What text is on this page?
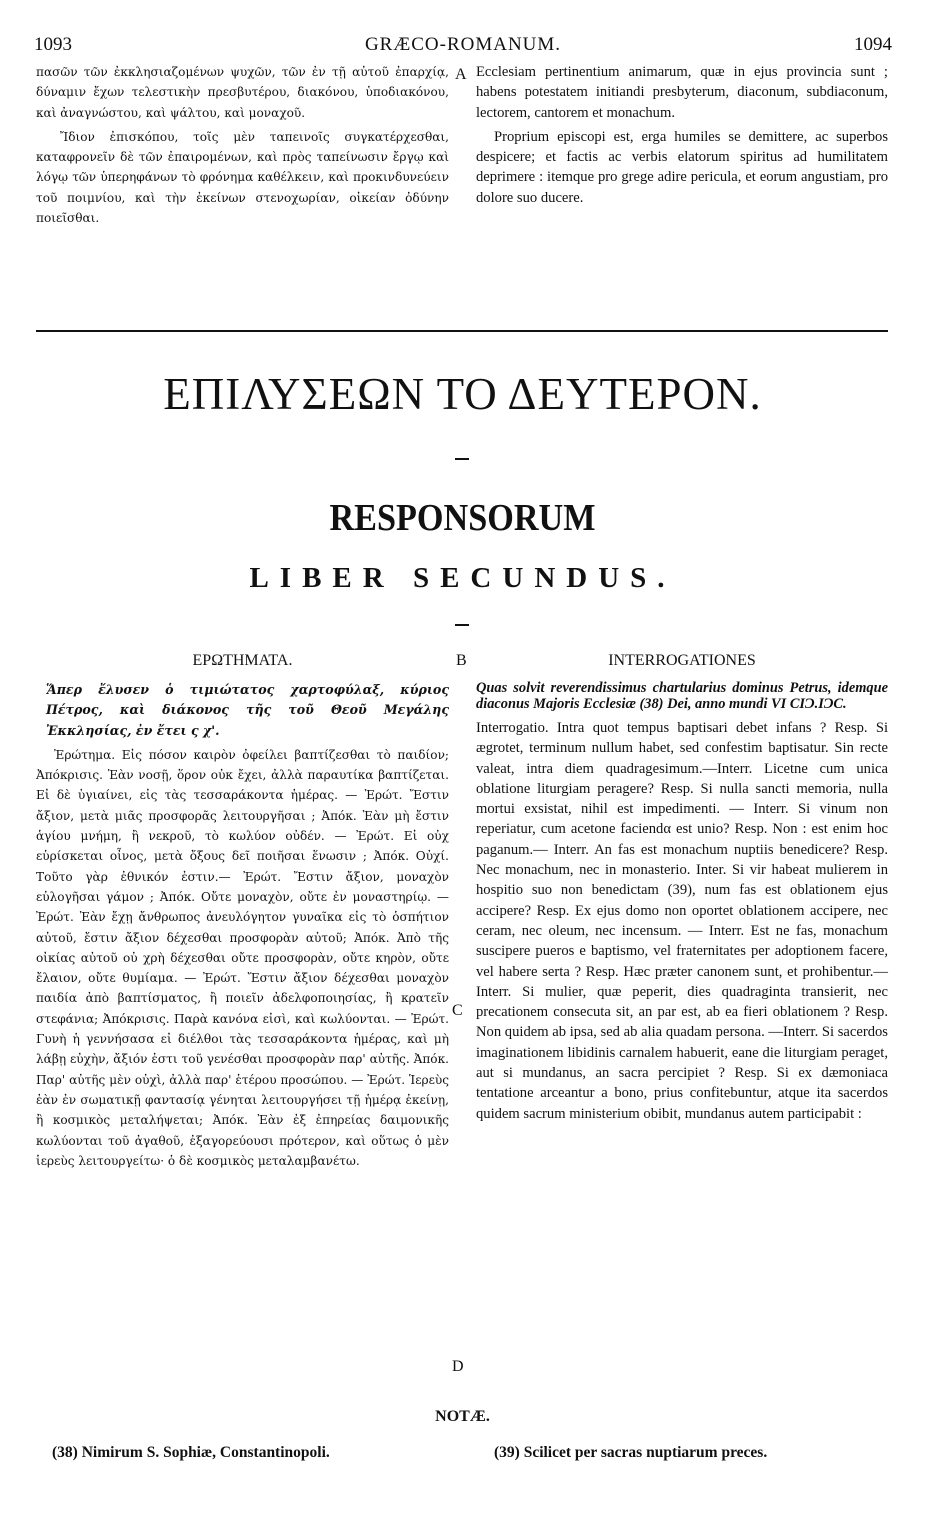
1093	GRÆCO-ROMANUM.	1094

πασῶν τῶν ἐκκλησιαζομένων ψυχῶν, τῶν ἐν τῇ αὐτοῦ ἐπαρχίᾳ, δύναμιν ἔχων τελεστικὴν πρεσβυτέρου, διακόνου, ὑποδιακόνου, καὶ ἀναγνώστου, καὶ ψάλτου, καὶ μοναχοῦ.

Ἴδιον ἐπισκόπου, τοῖς μὲν ταπεινοῖς συγκατέρχεσθαι, καταφρονεῖν δὲ τῶν ἐπαιρομένων, καὶ πρὸς ταπείνωσιν ἔργῳ καὶ λόγῳ τῶν ὑπερηφάνων τὸ φρόνημα καθέλκειν, καὶ προκινδυνεύειν τοῦ ποιμνίου, καὶ τὴν ἐκείνων στενοχωρίαν, οἰκείαν ὀδύνην ποιεῖσθαι.

A Ecclesiam pertinentium animarum, quæ in ejus provincia sunt ; habens potestatem initiandi presbyterum, diaconum, subdiaconum, lectorem, cantorem et monachum.

Proprium episcopi est, erga humiles se demittere, ac superbos despicere; et factis ac verbis elatorum spiritus ad humilitatem deprimere : itemque pro grege adire pericula, et eorum angustiam, pro dolore suo ducere.

ΕΠΙΛΥΣΕΩΝ ΤΟ ΔΕΥΤΕΡΟΝ.
RESPONSORUM
LIBER SECUNDUS.
ΕΡΩΤΗΜΑΤΑ.	B	INTERROGATIONES

Ἅπερ ἔλυσεν ὁ τιμιώτατος χαρτοφύλαξ, κύριος Πέτρος, καὶ διάκονος τῆς τοῦ Θεοῦ Μεγάλης Ἐκκλησίας, ἐν ἔτει ς χ'.

Ἐρώτημα. Εἰς πόσον καιρὸν ὀφείλει βαπτίζεσθαι τὸ παιδίον; Ἀπόκρισις. Ἐὰν νοσῇ, ὅρον οὐκ ἔχει, ἀλλὰ παραυτίκα βαπτίζεται. Εἰ δὲ ὑγιαίνει, εἰς τὰς τεσσαράκοντα ἡμέρας. — Ἐρώτ. Ἔστιν ἄξιον, μετὰ μιᾶς προσφορᾶς λειτουργῆσαι ; Ἀπόκ. Ἐὰν μὴ ἔστιν ἁγίου μνήμη, ἢ νεκροῦ, τὸ κωλύον οὐδέν. — Ἐρώτ. Εἰ οὐχ εὑρίσκεται οἶνος, μετὰ ὄξους δεῖ ποιῆσαι ἕνωσιν ; Ἀπόκ. Οὐχί. Τοῦτο γὰρ ἐθνικόν ἐστιν.— Ἐρώτ. Ἔστιν ἄξιον, μοναχὸν εὐλογῆσαι γάμον ; Ἀπόκ. Οὔτε μοναχὸν, οὔτε ἐν μοναστηρίῳ. — Ἐρώτ. Ἐὰν ἔχῃ ἄνθρωπος ἀνευλόγητον γυναῖκα εἰς τὸ ὁσπήτιον αὐτοῦ, ἔστιν ἄξιον δέχεσθαι προσφορὰν αὐτοῦ; Ἀπόκ. Ἀπὸ τῆς οἰκίας αὐτοῦ οὐ χρὴ δέχεσθαι οὔτε προσφορὰν, οὔτε κηρὸν, οὔτε ἔλαιον, οὔτε θυμίαμα. — Ἐρώτ. Ἔστιν ἄξιον δέχεσθαι μοναχὸν παιδία ἀπὸ βαπτίσματος, ἢ ποιεῖν ἀδελφοποιησίας, ἢ κρατεῖν στεφάνια; Ἀπόκρισις. Παρὰ κανόνα εἰσὶ, καὶ κωλύονται. — Ἐρώτ. Γυνὴ ἡ γεννήσασα εἰ διέλθοι τὰς τεσσαράκοντα ἡμέρας, καὶ μὴ λάβῃ εὐχὴν, ἄξιόν ἐστι τοῦ γενέσθαι προσφορὰν παρ' αὐτῆς. Ἀπόκ. Παρ' αὐτῆς μὲν οὐχὶ, ἀλλὰ παρ' ἑτέρου προσώπου. — Ἐρώτ. Ἱερεὺς ἐὰν ἐν σωματικῇ φαντασίᾳ γένηται λειτουργήσει τῇ ἡμέρᾳ ἐκείνῃ, ἢ κοσμικὸς μεταλήψεται; Ἀπόκ. Ἐὰν ἐξ ἐπηρείας δαιμονικῆς κωλύονται τοῦ ἀγαθοῦ, ἐξαγορεύουσι πρότερον, καὶ οὕτως ὁ μὲν ἱερεὺς λειτουργείτω· ὁ δὲ κοσμικὸς μεταλαμβανέτω.

C
D

Quas solvit reverendissimus chartularius dominus Petrus, idemque diaconus Majoris Ecclesiæ (38) Dei, anno mundi VI CIƆ.IƆC.

Interrogatio. Intra quot tempus baptisari debet infans ? Resp. Si ægrotet, terminum nullum habet, sed confestim baptisatur. Sin recte valeat, intra diem quadragesimum.—Interr. Licetne cum unica oblatione liturgiam peragere? Resp. Si nulla sancti memoria, nulla mortui exsistat, nihil est impedimenti. — Interr. Si vinum non reperiatur, cum acetone faciendα est unio? Resp. Non : est enim hoc paganum.— Interr. An fas est monachum nuptiis benedicere? Resp. Nec monachum, nec in monasterio. Inter. Si vir habeat mulierem in hospitio suo non benedictam (39), num fas est oblationem ejus accipere? Resp. Ex ejus domo non oportet oblationem accipere, nec ceram, nec oleum, nec incensum. — Interr. Est ne fas, monachum suscipere pueros e baptismo, vel fraternitates per adoptionem facere, vel habere serta ? Resp. Hæc præter canonem sunt, et prohibentur.—Interr. Si mulier, quæ peperit, dies quadraginta transierit, nec precationem consecuta sit, an par est, ab ea fieri oblationem ? Resp. Non quidem ab ipsa, sed ab alia quadam persona. —Interr. Si sacerdos imaginationem libidinis carnalem habuerit, eane die liturgiam peraget, aut si mundanus, an sacra percipiet ? Resp. Si ex dæmoniaca tentatione arceantur a bono, prius confitebuntur, atque ita sacerdos quidem sacrum ministerium obibit, mundanus autem participabit :

NOTÆ.
(38) Nimirum S. Sophiæ, Constantinopoli.	(39) Scilicet per sacras nuptiarum preces.
